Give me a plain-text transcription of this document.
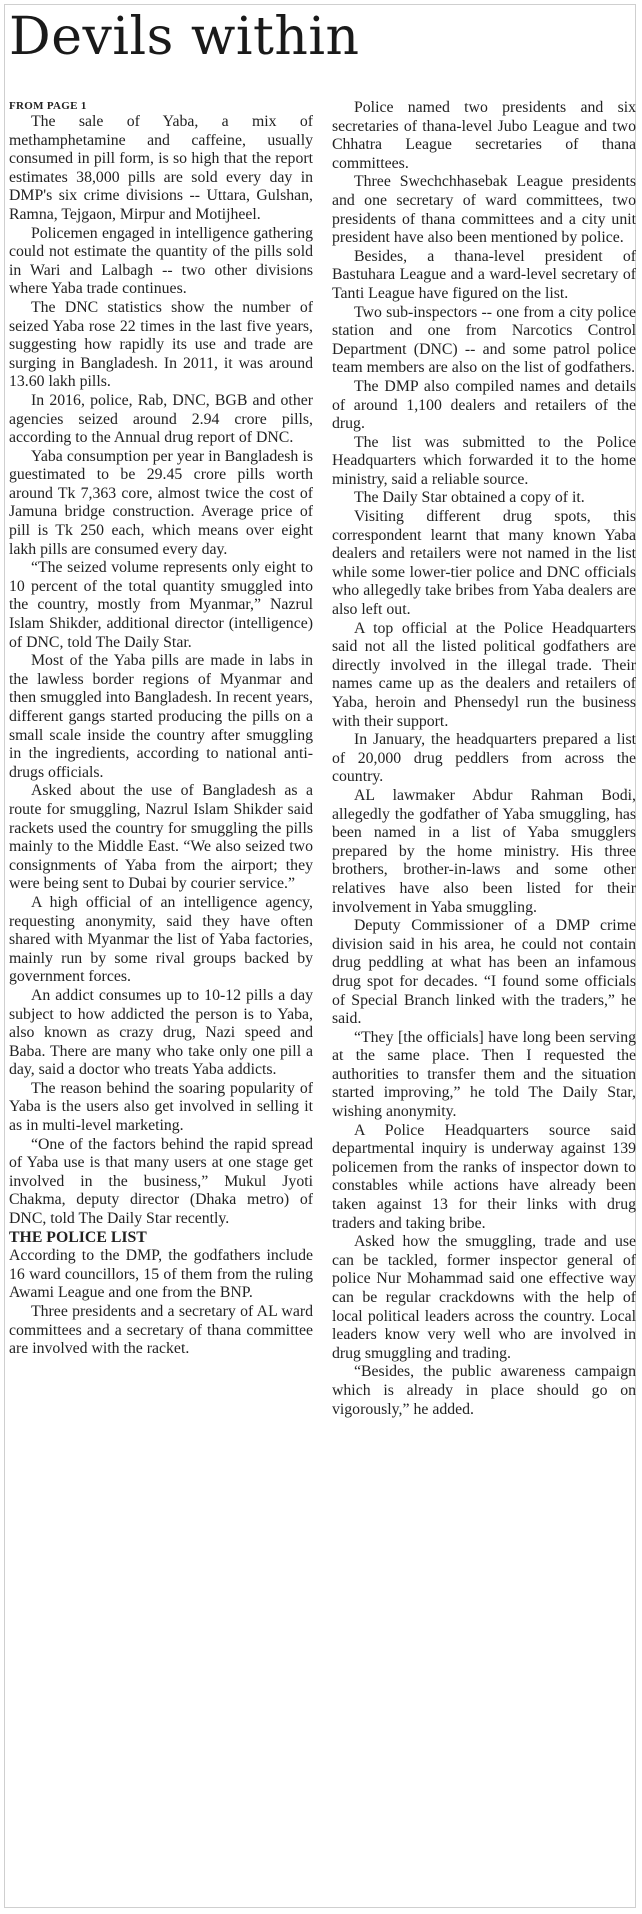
Devils within
FROM PAGE 1

The sale of Yaba, a mix of methamphetamine and caffeine, usually consumed in pill form, is so high that the report estimates 38,000 pills are sold every day in DMP's six crime divisions -- Uttara, Gulshan, Ramna, Tejgaon, Mirpur and Motijheel.

Policemen engaged in intelligence gathering could not estimate the quantity of the pills sold in Wari and Lalbagh -- two other divisions where Yaba trade continues.

The DNC statistics show the number of seized Yaba rose 22 times in the last five years, suggesting how rapidly its use and trade are surging in Bangladesh. In 2011, it was around 13.60 lakh pills.

In 2016, police, Rab, DNC, BGB and other agencies seized around 2.94 crore pills, according to the Annual drug report of DNC.

Yaba consumption per year in Bangladesh is guestimated to be 29.45 crore pills worth around Tk 7,363 core, almost twice the cost of Jamuna bridge construction. Average price of pill is Tk 250 each, which means over eight lakh pills are consumed every day.

“The seized volume represents only eight to 10 percent of the total quantity smuggled into the country, mostly from Myanmar,” Nazrul Islam Shikder, additional director (intelligence) of DNC, told The Daily Star.

Most of the Yaba pills are made in labs in the lawless border regions of Myanmar and then smuggled into Bangladesh. In recent years, different gangs started producing the pills on a small scale inside the country after smuggling in the ingredients, according to national anti-drugs officials.

Asked about the use of Bangladesh as a route for smuggling, Nazrul Islam Shikder said rackets used the country for smuggling the pills mainly to the Middle East. “We also seized two consignments of Yaba from the airport; they were being sent to Dubai by courier service.”

A high official of an intelligence agency, requesting anonymity, said they have often shared with Myanmar the list of Yaba factories, mainly run by some rival groups backed by government forces.

An addict consumes up to 10-12 pills a day subject to how addicted the person is to Yaba, also known as crazy drug, Nazi speed and Baba. There are many who take only one pill a day, said a doctor who treats Yaba addicts.

The reason behind the soaring popularity of Yaba is the users also get involved in selling it as in multi-level marketing.

“One of the factors behind the rapid spread of Yaba use is that many users at one stage get involved in the business,” Mukul Jyoti Chakma, deputy director (Dhaka metro) of DNC, told The Daily Star recently.

THE POLICE LIST

According to the DMP, the godfathers include 16 ward councillors, 15 of them from the ruling Awami League and one from the BNP.

Three presidents and a secretary of AL ward committees and a secretary of thana committee are involved with the racket.

Police named two presidents and six secretaries of thana-level Jubo League and two Chhatra League secretaries of thana committees.

Three Swechchhasebak League presidents and one secretary of ward committees, two presidents of thana committees and a city unit president have also been mentioned by police.

Besides, a thana-level president of Bastuhara League and a ward-level secretary of Tanti League have figured on the list.

Two sub-inspectors -- one from a city police station and one from Narcotics Control Department (DNC) -- and some patrol police team members are also on the list of godfathers.

The DMP also compiled names and details of around 1,100 dealers and retailers of the drug.

The list was submitted to the Police Headquarters which forwarded it to the home ministry, said a reliable source.

The Daily Star obtained a copy of it.

Visiting different drug spots, this correspondent learnt that many known Yaba dealers and retailers were not named in the list while some lower-tier police and DNC officials who allegedly take bribes from Yaba dealers are also left out.

A top official at the Police Headquarters said not all the listed political godfathers are directly involved in the illegal trade. Their names came up as the dealers and retailers of Yaba, heroin and Phensedyl run the business with their support.

In January, the headquarters prepared a list of 20,000 drug peddlers from across the country.

AL lawmaker Abdur Rahman Bodi, allegedly the godfather of Yaba smuggling, has been named in a list of Yaba smugglers prepared by the home ministry. His three brothers, brother-in-laws and some other relatives have also been listed for their involvement in Yaba smuggling.

Deputy Commissioner of a DMP crime division said in his area, he could not contain drug peddling at what has been an infamous drug spot for decades. “I found some officials of Special Branch linked with the traders,” he said.

“They [the officials] have long been serving at the same place. Then I requested the authorities to transfer them and the situation started improving,” he told The Daily Star, wishing anonymity.

A Police Headquarters source said departmental inquiry is underway against 139 policemen from the ranks of inspector down to constables while actions have already been taken against 13 for their links with drug traders and taking bribe.

Asked how the smuggling, trade and use can be tackled, former inspector general of police Nur Mohammad said one effective way can be regular crackdowns with the help of local political leaders across the country. Local leaders know very well who are involved in drug smuggling and trading.

“Besides, the public awareness campaign which is already in place should go on vigorously,” he added.
